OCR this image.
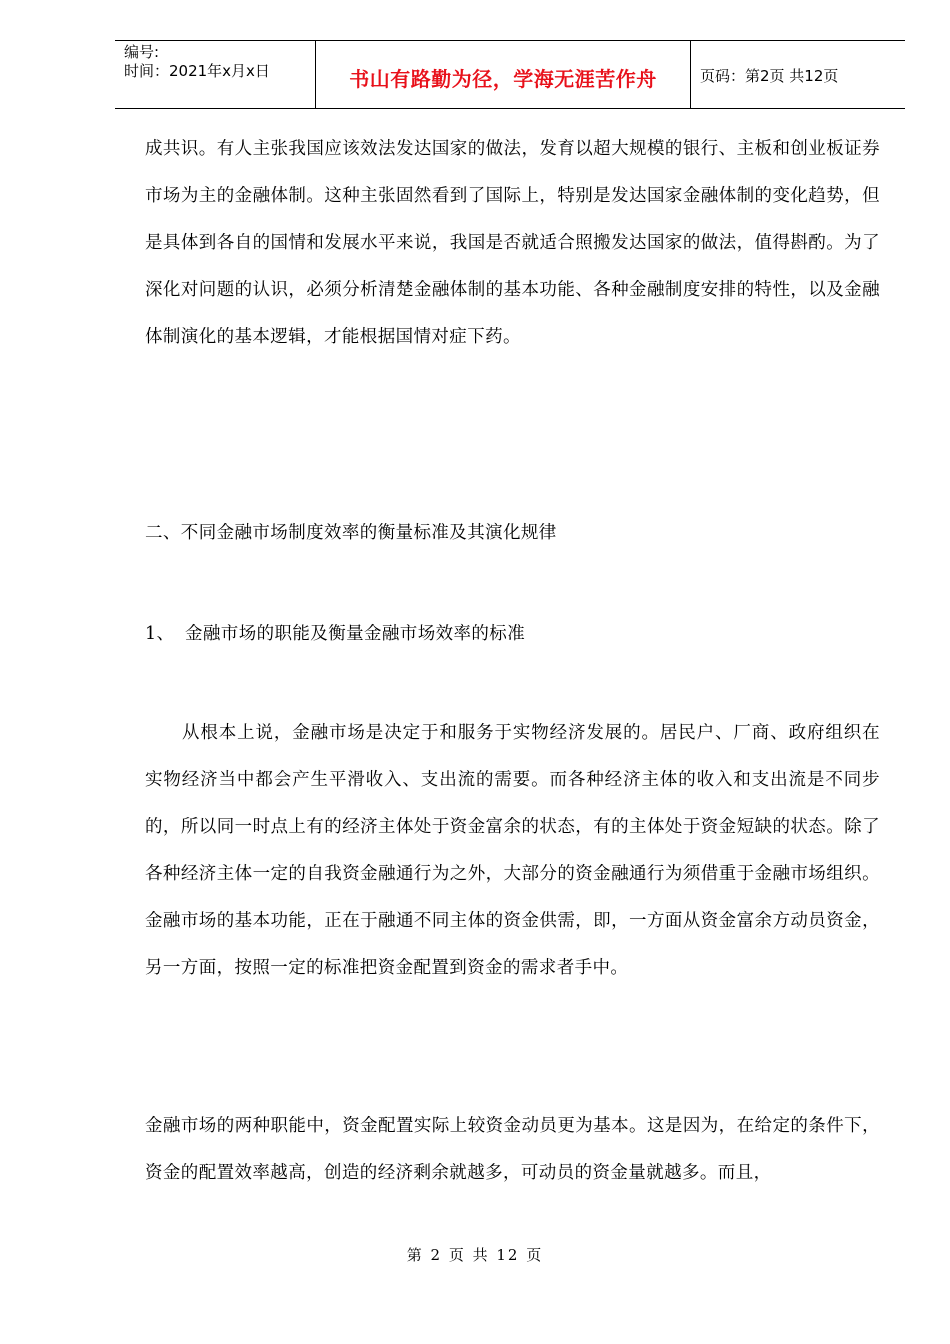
编号:
时间：2021年x月x日	书山有路勤为径，学海无涯苦作舟	页码：第2页 共12页

成共识。有人主张我国应该效法发达国家的做法，发育以超大规模的银行、主板和创业板证券市场为主的金融体制。这种主张固然看到了国际上，特别是发达国家金融体制的变化趋势，但是具体到各自的国情和发展水平来说，我国是否就适合照搬发达国家的做法，值得斟酌。为了深化对问题的认识，必须分析清楚金融体制的基本功能、各种金融制度安排的特性，以及金融体制演化的基本逻辑，才能根据国情对症下药。

二、不同金融市场制度效率的衡量标准及其演化规律
1、 金融市场的职能及衡量金融市场效率的标准

从根本上说，金融市场是决定于和服务于实物经济发展的。居民户、厂商、政府组织在实物经济当中都会产生平滑收入、支出流的需要。而各种经济主体的收入和支出流是不同步的，所以同一时点上有的经济主体处于资金富余的状态，有的主体处于资金短缺的状态。除了各种经济主体一定的自我资金融通行为之外，大部分的资金融通行为须借重于金融市场组织。金融市场的基本功能，正在于融通不同主体的资金供需，即，一方面从资金富余方动员资金，另一方面，按照一定的标准把资金配置到资金的需求者手中。

金融市场的两种职能中，资金配置实际上较资金动员更为基本。这是因为，在给定的条件下，资金的配置效率越高，创造的经济剩余就越多，可动员的资金量就越多。而且，

第 2 页 共 12 页
